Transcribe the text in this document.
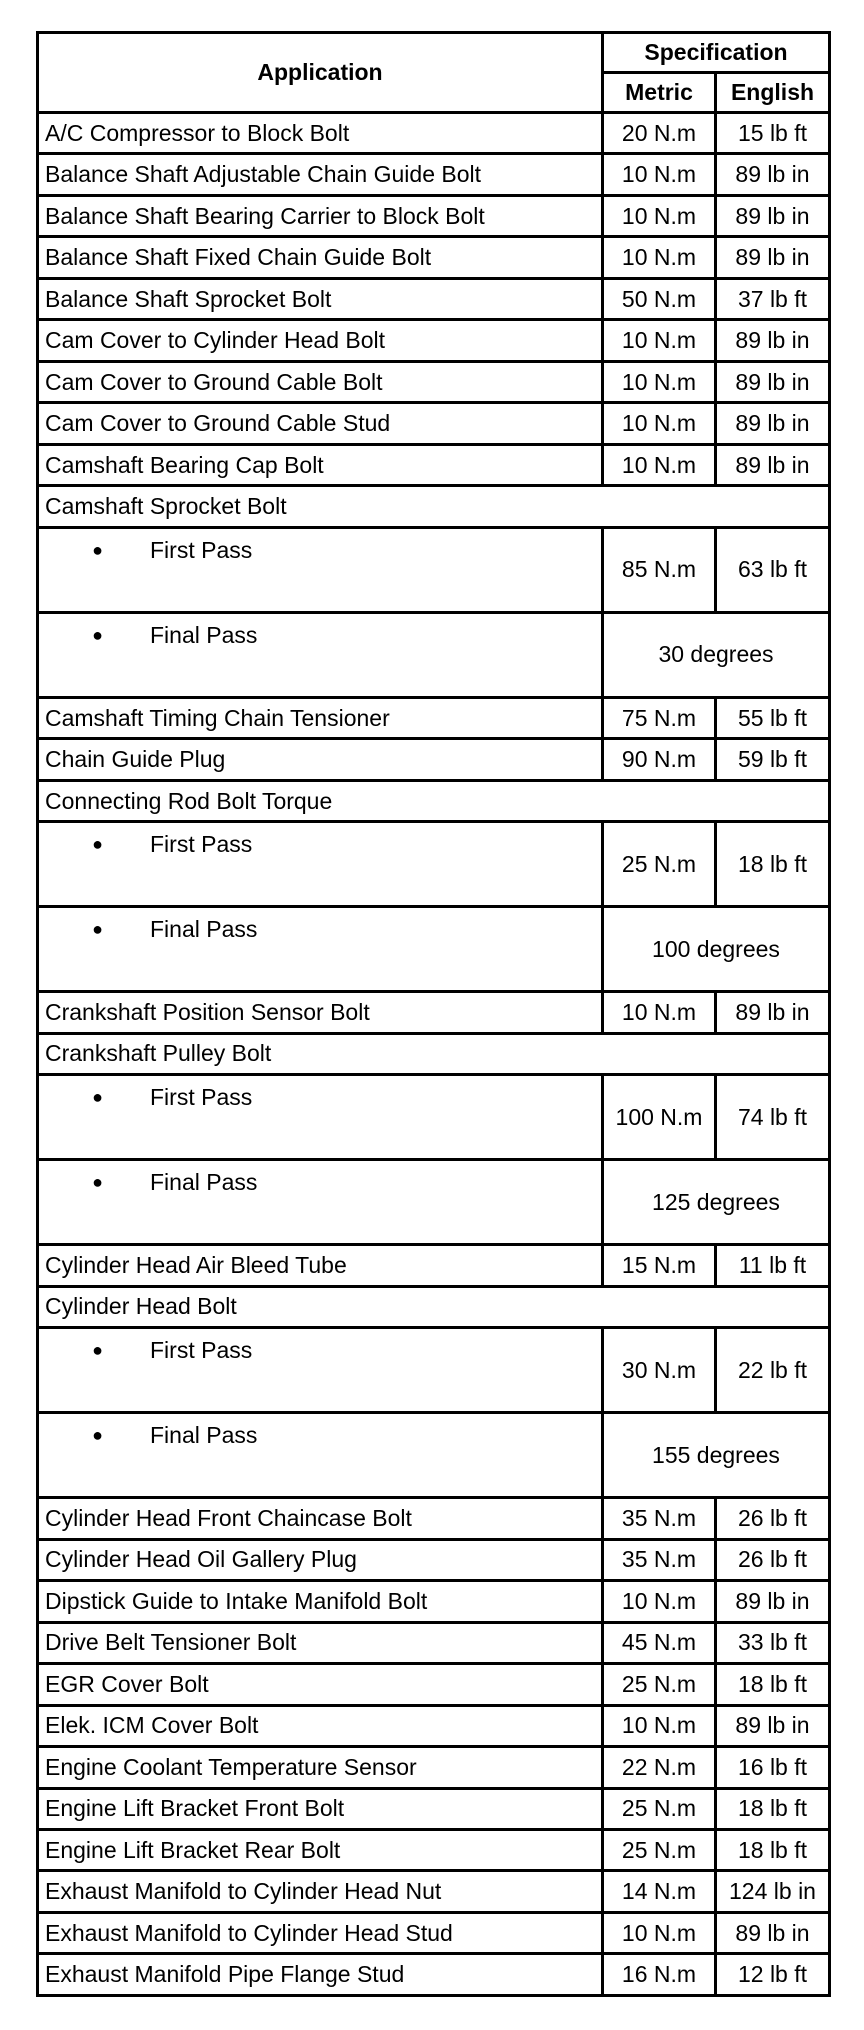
Application	Specification	
	Metric	English
A/C Compressor to Block Bolt	20 N.m	15 lb ft
Balance Shaft Adjustable Chain Guide Bolt	10 N.m	89 lb in
Balance Shaft Bearing Carrier to Block Bolt	10 N.m	89 lb in
Balance Shaft Fixed Chain Guide Bolt	10 N.m	89 lb in
Balance Shaft Sprocket Bolt	50 N.m	37 lb ft
Cam Cover to Cylinder Head Bolt	10 N.m	89 lb in
Cam Cover to Ground Cable Bolt	10 N.m	89 lb in
Cam Cover to Ground Cable Stud	10 N.m	89 lb in
Camshaft Bearing Cap Bolt	10 N.m	89 lb in
Camshaft Sprocket Bolt		

● First Pass	85 N.m	63 lb ft

● Final Pass	30 degrees	
Camshaft Timing Chain Tensioner	75 N.m	55 lb ft
Chain Guide Plug	90 N.m	59 lb ft
Connecting Rod Bolt Torque		

● First Pass	25 N.m	18 lb ft

● Final Pass	100 degrees	
Crankshaft Position Sensor Bolt	10 N.m	89 lb in
Crankshaft Pulley Bolt		

● First Pass	100 N.m	74 lb ft

● Final Pass	125 degrees	
Cylinder Head Air Bleed Tube	15 N.m	11 lb ft
Cylinder Head Bolt		

● First Pass	30 N.m	22 lb ft

● Final Pass	155 degrees	
Cylinder Head Front Chaincase Bolt	35 N.m	26 lb ft
Cylinder Head Oil Gallery Plug	35 N.m	26 lb ft
Dipstick Guide to Intake Manifold Bolt	10 N.m	89 lb in
Drive Belt Tensioner Bolt	45 N.m	33 lb ft
EGR Cover Bolt	25 N.m	18 lb ft
Elek. ICM Cover Bolt	10 N.m	89 lb in
Engine Coolant Temperature Sensor	22 N.m	16 lb ft
Engine Lift Bracket Front Bolt	25 N.m	18 lb ft
Engine Lift Bracket Rear Bolt	25 N.m	18 lb ft
Exhaust Manifold to Cylinder Head Nut	14 N.m	124 lb in
Exhaust Manifold to Cylinder Head Stud	10 N.m	89 lb in
Exhaust Manifold Pipe Flange Stud	16 N.m	12 lb ft
